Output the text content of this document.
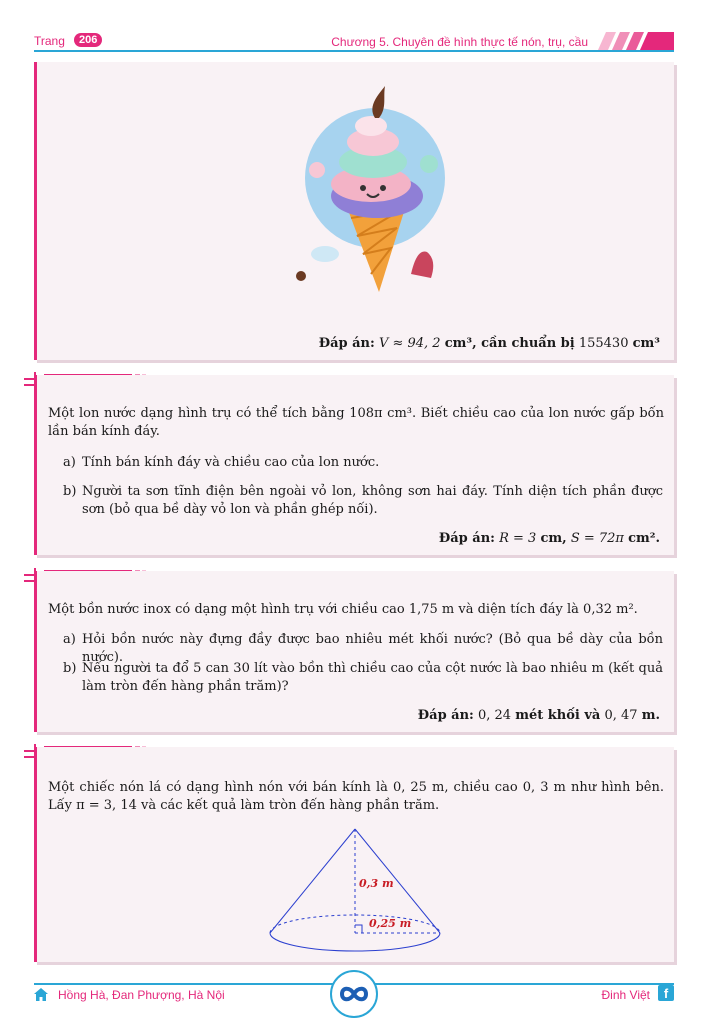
Trang	206	Chương 5. Chuyên đề hình thực tế nón, trụ, cầu
Đáp án: V ≈ 94, 2 cm³, cần chuẩn bị 155430 cm³
Một lon nước dạng hình trụ có thể tích bằng 108π cm³. Biết chiều cao của lon nước gấp bốn lần bán kính đáy.
a) Tính bán kính đáy và chiều cao của lon nước.
b) Người ta sơn tĩnh điện bên ngoài vỏ lon, không sơn hai đáy. Tính diện tích phần được sơn (bỏ qua bề dày vỏ lon và phần ghép nối).
Đáp án: R = 3 cm, S = 72π cm².
Một bồn nước inox có dạng một hình trụ với chiều cao 1,75 m và diện tích đáy là 0,32 m².
a) Hỏi bồn nước này đựng đầy được bao nhiêu mét khối nước? (Bỏ qua bề dày của bồn nước).
b) Nếu người ta đổ 5 can 30 lít vào bồn thì chiều cao của cột nước là bao nhiêu m (kết quả làm tròn đến hàng phần trăm)?
Đáp án: 0, 24 mét khối và 0, 47 m.
Một chiếc nón lá có dạng hình nón với bán kính là 0, 25 m, chiều cao 0, 3 m như hình bên. Lấy π = 3, 14 và các kết quả làm tròn đến hàng phần trăm.
0,3 m
0,25 m
Hồng Hà, Đan Phượng, Hà Nội	Đinh Việt	f
